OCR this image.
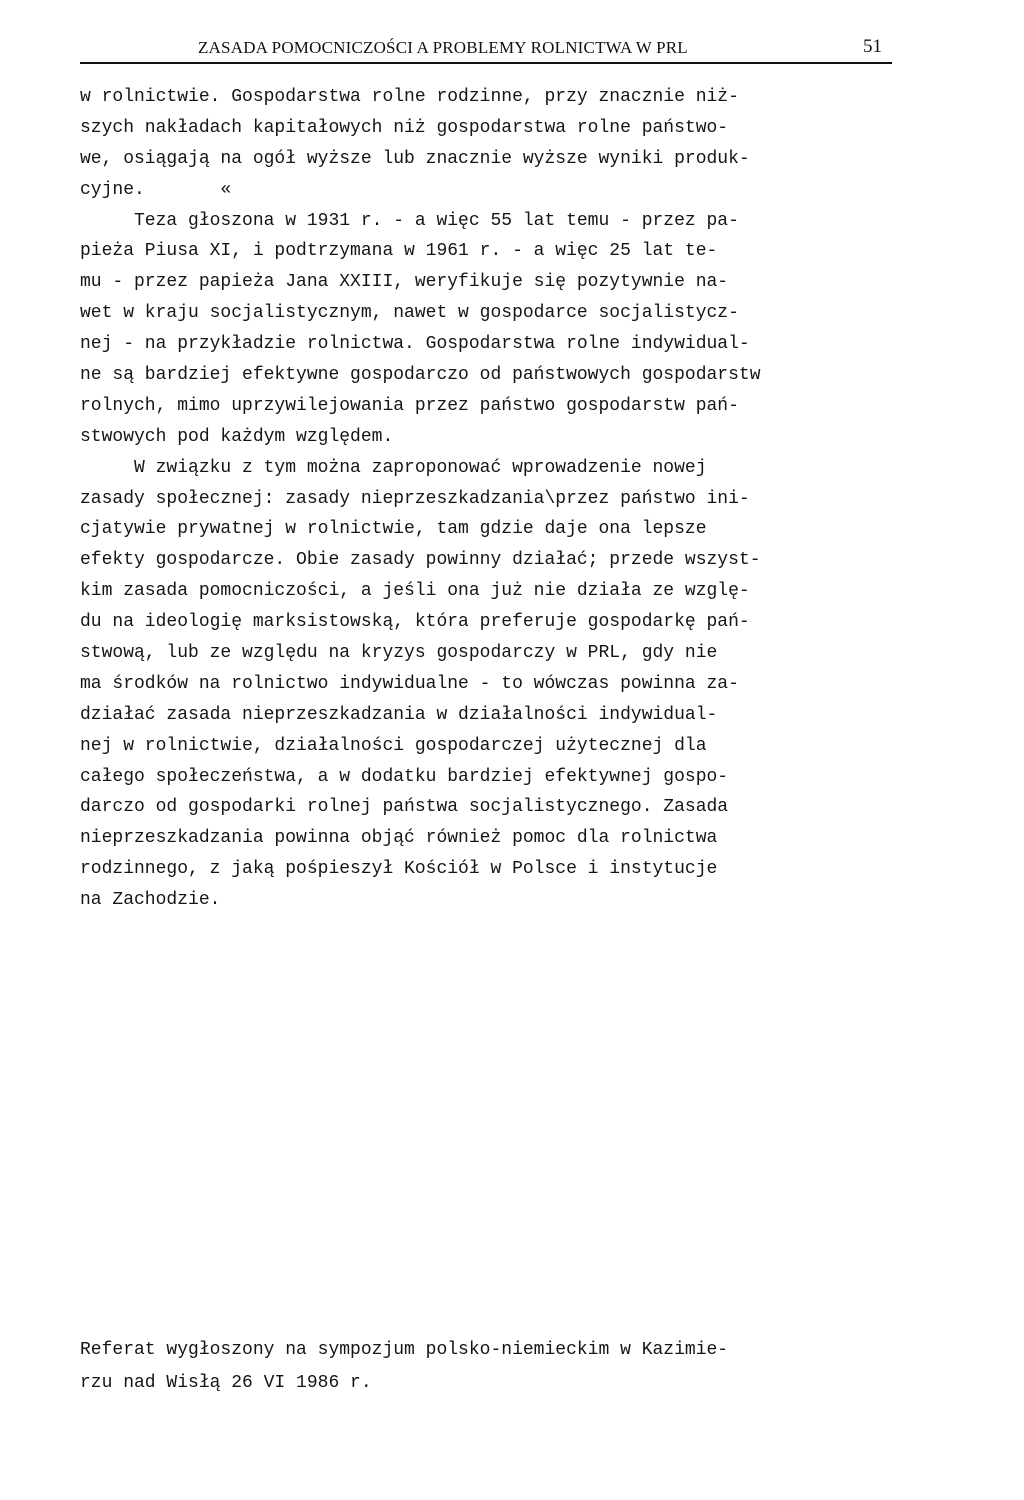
ZASADA POMOCNICZOŚCI A PROBLEMY ROLNICTWA W PRL	51
w rolnictwie. Gospodarstwa rolne rodzinne, przy znacznie niż-
szych nakładach kapitałowych niż gospodarstwa rolne państwo-
we, osiągają na ogół wyższe lub znacznie wyższe wyniki produk-
cyjne.       «
Teza głoszona w 1931 r. - a więc 55 lat temu - przez pa-
pieża Piusa XI, i podtrzymana w 1961 r. - a więc 25 lat te-
mu - przez papieża Jana XXIII, weryfikuje się pozytywnie na-
wet w kraju socjalistycznym, nawet w gospodarce socjalistycz-
nej - na przykładzie rolnictwa. Gospodarstwa rolne indywidual-
ne są bardziej efektywne gospodarczo od państwowych gospodarstw
rolnych, mimo uprzywilejowania przez państwo gospodarstw pań-
stwowych pod każdym względem.
W związku z tym można zaproponować wprowadzenie nowej
zasady społecznej: zasady nieprzeszkadzania\przez państwo ini-
cjatywie prywatnej w rolnictwie, tam gdzie daje ona lepsze
efekty gospodarcze. Obie zasady powinny działać; przede wszyst-
kim zasada pomocniczości, a jeśli ona już nie działa ze wzglę-
du na ideologię marksistowską, która preferuje gospodarkę pań-
stwową, lub ze względu na kryzys gospodarczy w PRL, gdy nie
ma środków na rolnictwo indywidualne - to wówczas powinna za-
działać zasada nieprzeszkadzania w działalności indywidual-
nej w rolnictwie, działalności gospodarczej użytecznej dla
całego społeczeństwa, a w dodatku bardziej efektywnej gospo-
darczo od gospodarki rolnej państwa socjalistycznego. Zasada
nieprzeszkadzania powinna objąć również pomoc dla rolnictwa
rodzinnego, z jaką pośpieszył Kościół w Polsce i instytucje
na Zachodzie.
Referat wygłoszony na sympozjum polsko-niemieckim w Kazimie-
rzu nad Wisłą 26 VI 1986 r.
